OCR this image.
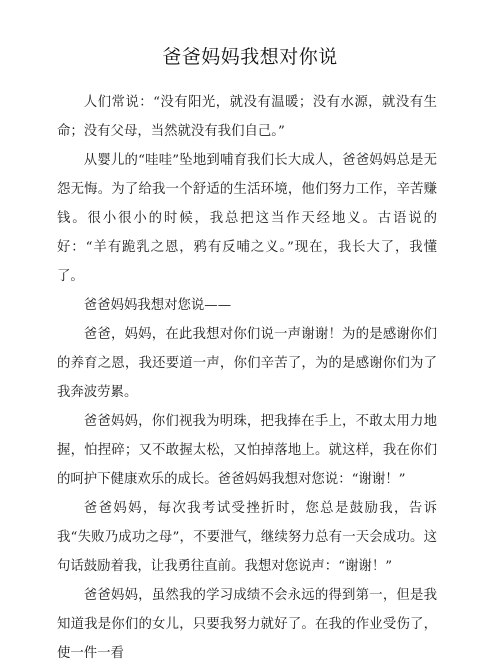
爸爸妈妈我想对你说

人们常说：“没有阳光，就没有温暖；没有水源，就没有生命；没有父母，当然就没有我们自己。”

从婴儿的“哇哇”坠地到哺育我们长大成人，爸爸妈妈总是无怨无悔。为了给我一个舒适的生活环境，他们努力工作，辛苦赚钱。很小很小的时候，我总把这当作天经地义。古语说的好：“羊有跪乳之恩，鸦有反哺之义。”现在，我长大了，我懂了。

爸爸妈妈我想对您说——

爸爸，妈妈，在此我想对你们说一声谢谢！为的是感谢你们的养育之恩，我还要道一声，你们辛苦了，为的是感谢你们为了我奔波劳累。

爸爸妈妈，你们视我为明珠，把我捧在手上，不敢太用力地握，怕捏碎；又不敢握太松，又怕掉落地上。就这样，我在你们的呵护下健康欢乐的成长。爸爸妈妈我想对您说：“谢谢！”

爸爸妈妈，每次我考试受挫折时，您总是鼓励我，告诉我“失败乃成功之母”，不要泄气，继续努力总有一天会成功。这句话鼓励着我，让我勇往直前。我想对您说声：“谢谢！”

爸爸妈妈，虽然我的学习成绩不会永远的得到第一，但是我知道我是你们的女儿，只要我努力就好了。在我的作业受伤了，使一件一看
